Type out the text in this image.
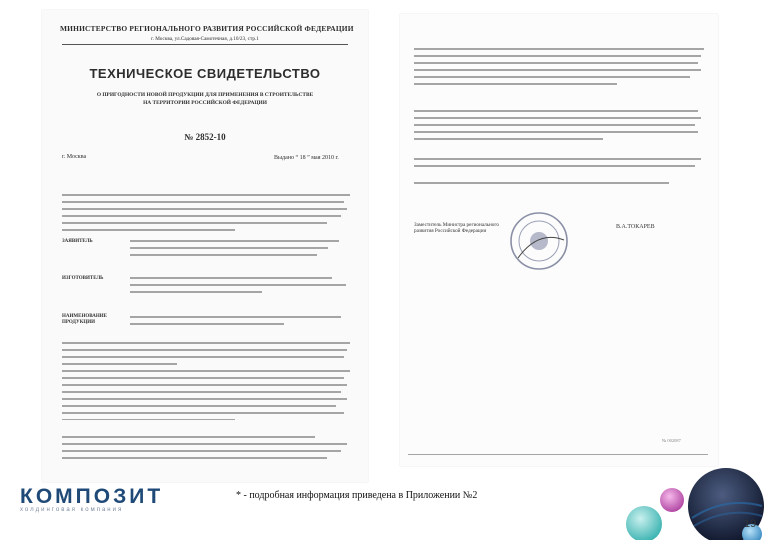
МИНИСТЕРСТВО РЕГИОНАЛЬНОГО РАЗВИТИЯ РОССИЙСКОЙ ФЕДЕРАЦИИ
г. Москва, ул.Садовая-Самотечная, д.10/23, стр.1
ТЕХНИЧЕСКОЕ СВИДЕТЕЛЬСТВО
О ПРИГОДНОСТИ НОВОЙ ПРОДУКЦИИ ДЛЯ ПРИМЕНЕНИЯ В СТРОИТЕЛЬСТВЕ
НА ТЕРРИТОРИИ РОССИЙСКОЙ ФЕДЕРАЦИИ
№ 2852-10
г. Москва	Выдано “ 18 ” мая 2010 г.
ЗАЯВИТЕЛЬ
ИЗГОТОВИТЕЛЬ
НАИМЕНОВАНИЕ ПРОДУКЦИИ
Заместитель Министра регионального развития Российской Федерации
В.А.ТОКАРЕВ
№ 002087
КОМПОЗИТ
холдинговая компания
* - подробная информация приведена в Приложении №2
19
